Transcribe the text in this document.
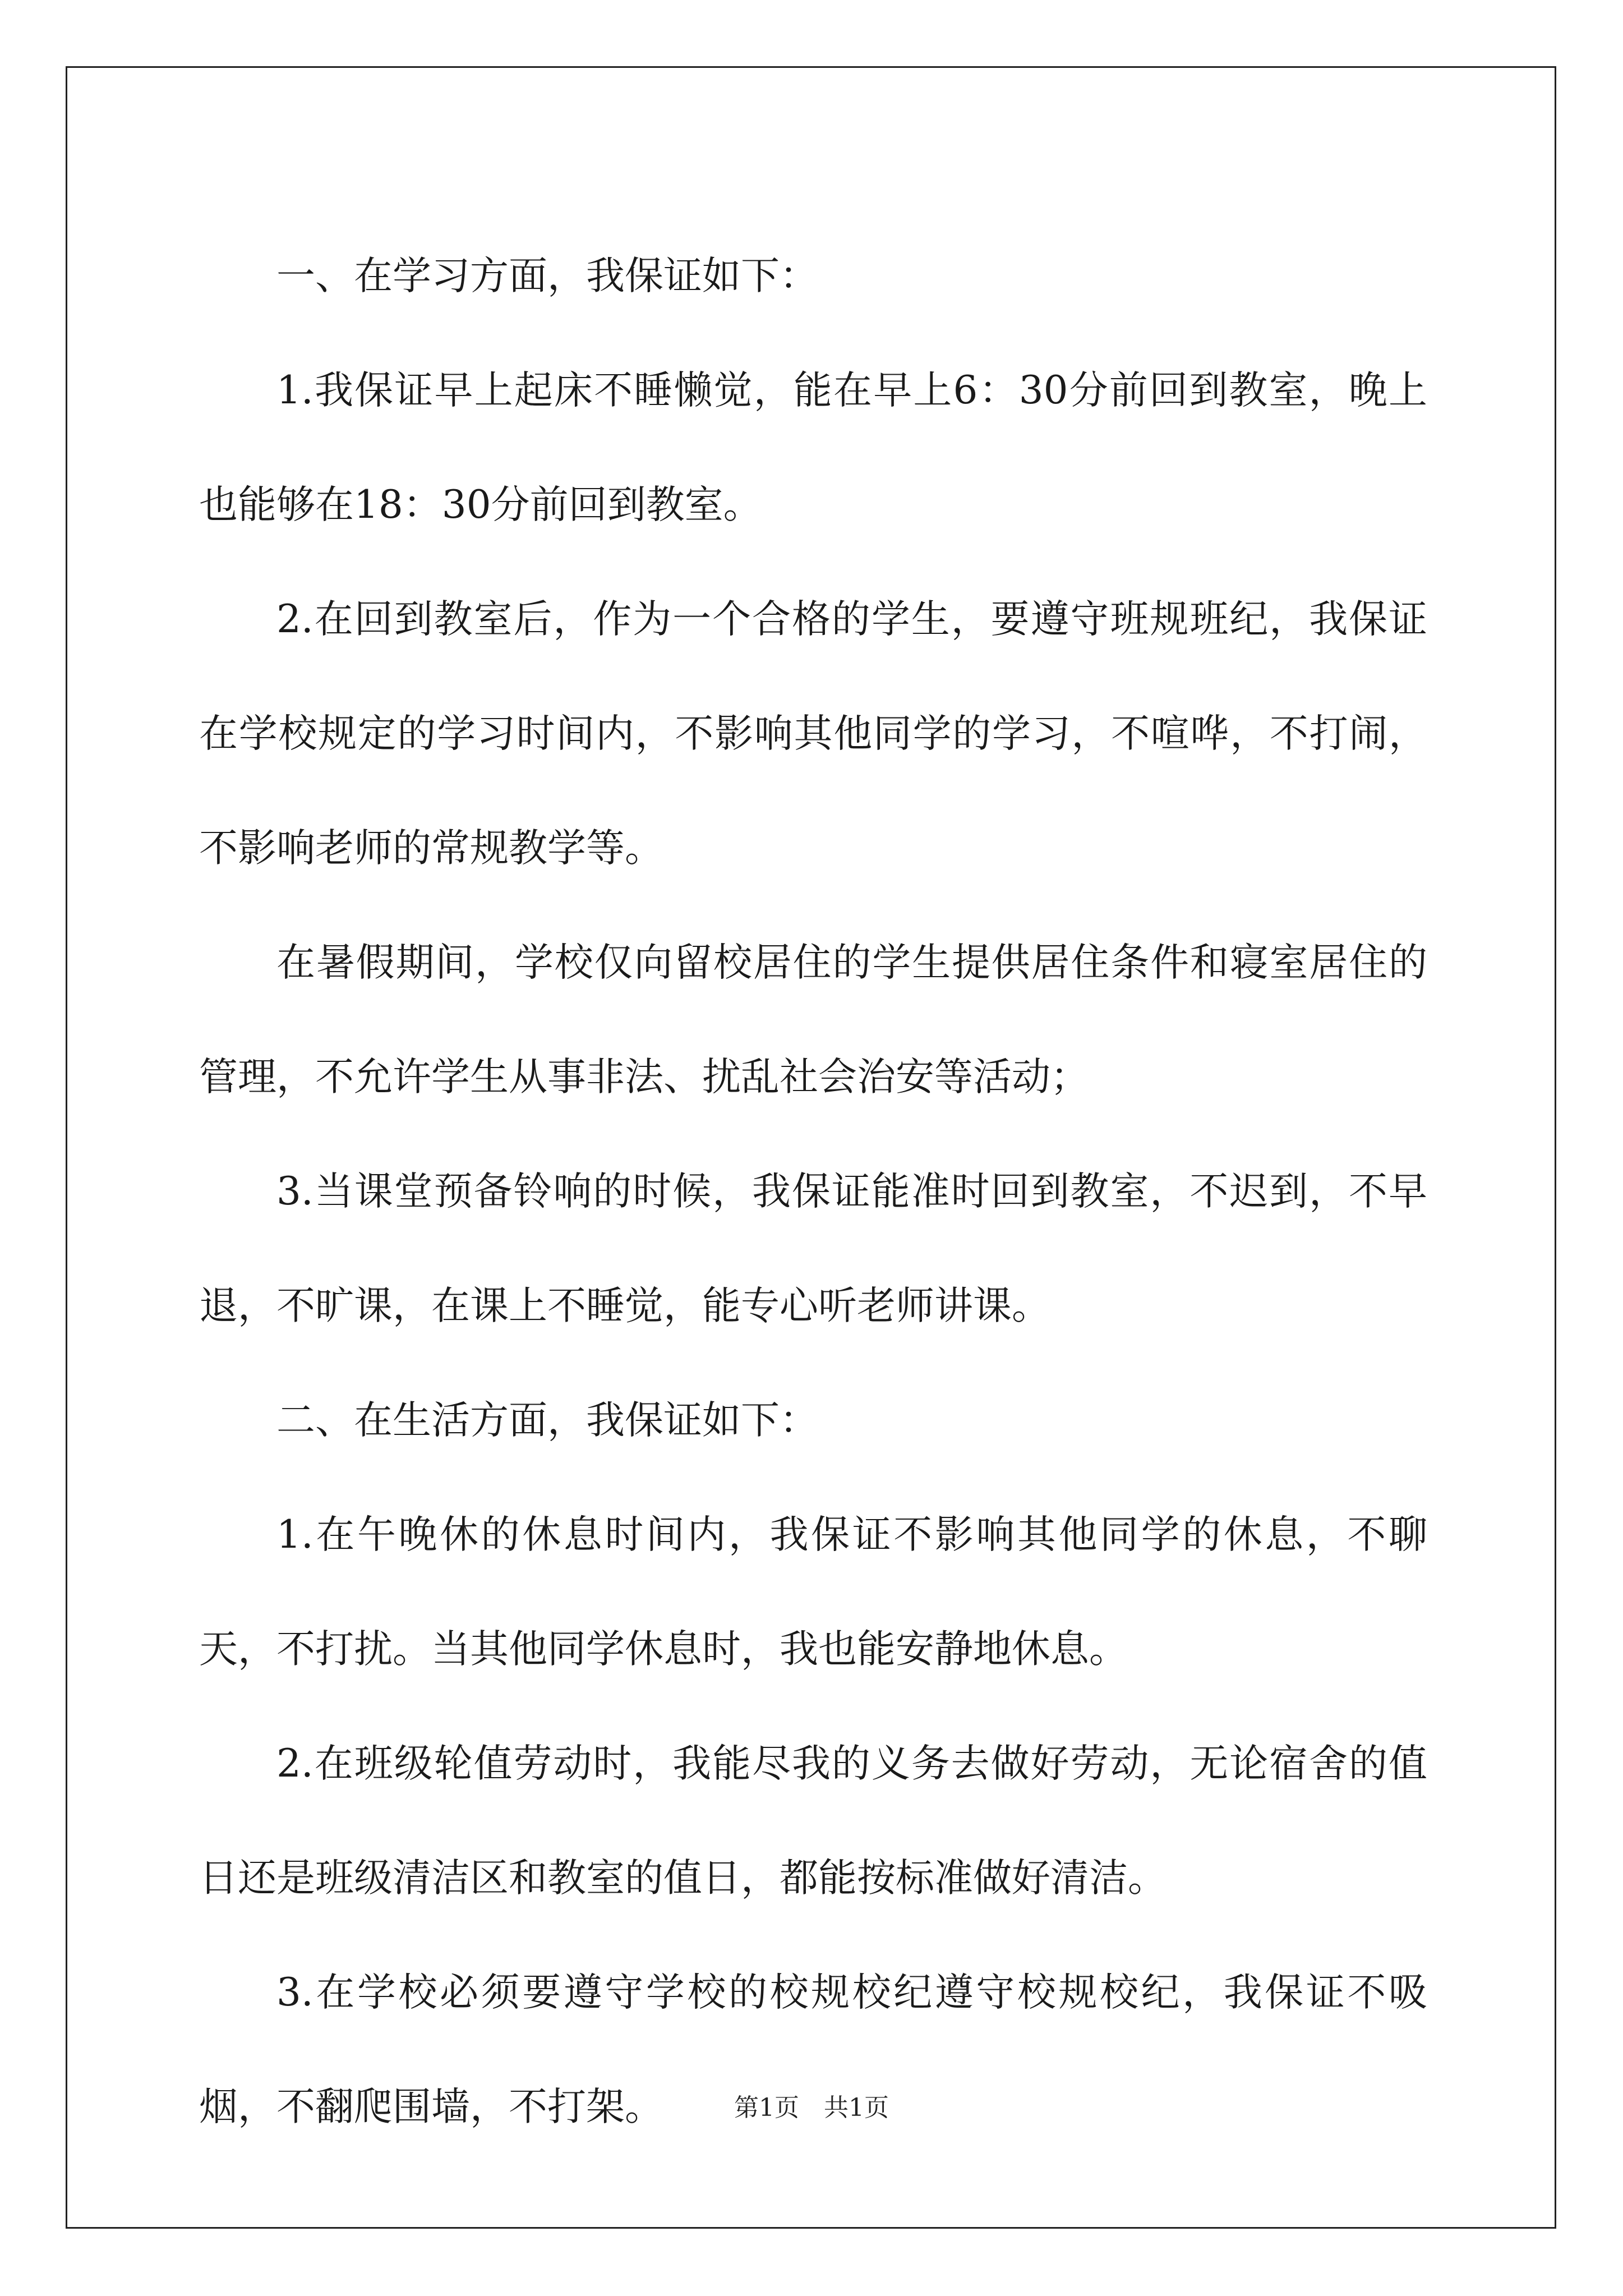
一、在学习方面，我保证如下：

1.我保证早上起床不睡懒觉，能在早上6：30分前回到教室，晚上也能够在18：30分前回到教室。

2.在回到教室后，作为一个合格的学生，要遵守班规班纪，我保证在学校规定的学习时间内，不影响其他同学的学习，不喧哗，不打闹，不影响老师的常规教学等。

在暑假期间，学校仅向留校居住的学生提供居住条件和寝室居住的管理，不允许学生从事非法、扰乱社会治安等活动；

3.当课堂预备铃响的时候，我保证能准时回到教室，不迟到，不早退，不旷课，在课上不睡觉，能专心听老师讲课。

二、在生活方面，我保证如下：

1.在午晚休的休息时间内，我保证不影响其他同学的休息，不聊天，不打扰。当其他同学休息时，我也能安静地休息。

2.在班级轮值劳动时，我能尽我的义务去做好劳动，无论宿舍的值日还是班级清洁区和教室的值日，都能按标准做好清洁。

3.在学校必须要遵守学校的校规校纪遵守校规校纪，我保证不吸烟，不翻爬围墙，不打架。	第1页　共1页
